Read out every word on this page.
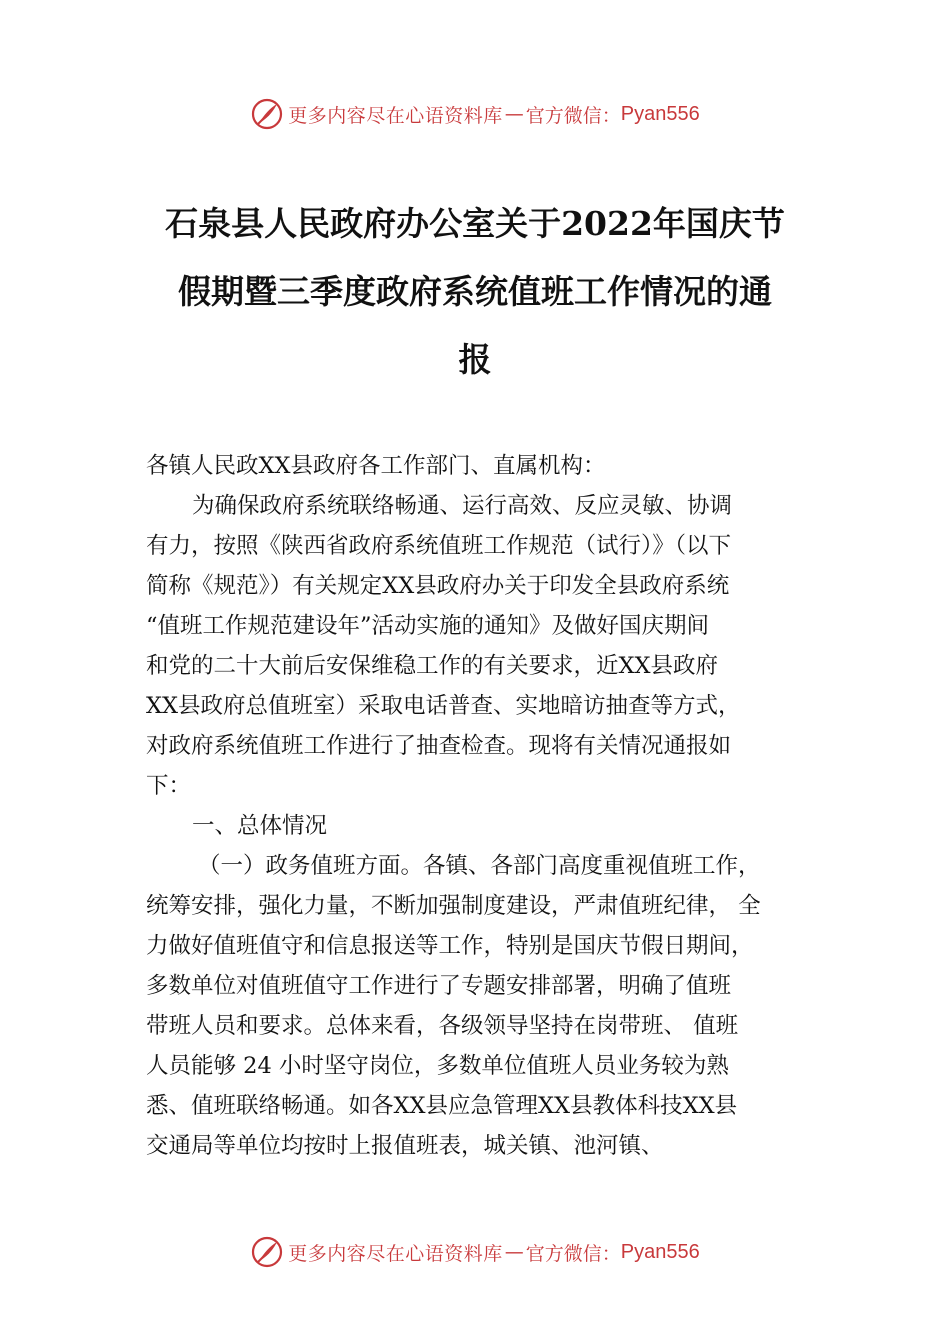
更多内容尽在心语资料库 — 官方微信： Pyan556
石泉县人民政府办公室关于2022年国庆节
假期暨三季度政府系统值班工作情况的通
报
各镇人民政XX县政府各工作部门、直属机构：
为确保政府系统联络畅通、运行高效、反应灵敏、协调
有力，按照《陕西省政府系统值班工作规范（试行）》（以下
简称《规范》）有关规定XX县政府办关于印发全县政府系统
“值班工作规范建设年”活动实施的通知》及做好国庆期间
和党的二十大前后安保维稳工作的有关要求，近XX县政府
XX县政府总值班室）采取电话普查、实地暗访抽查等方式，
对政府系统值班工作进行了抽查检查。现将有关情况通报如
下：
一、总体情况
（一）政务值班方面。各镇、各部门高度重视值班工作，
统筹安排，强化力量，不断加强制度建设，严肃值班纪律， 全
力做好值班值守和信息报送等工作，特别是国庆节假日期间，
多数单位对值班值守工作进行了专题安排部署，明确了值班
带班人员和要求。总体来看，各级领导坚持在岗带班、 值班
人员能够 24 小时坚守岗位，多数单位值班人员业务较为熟
悉、值班联络畅通。如各XX县应急管理XX县教体科技XX县
交通局等单位均按时上报值班表，城关镇、池河镇、
更多内容尽在心语资料库 — 官方微信： Pyan556
